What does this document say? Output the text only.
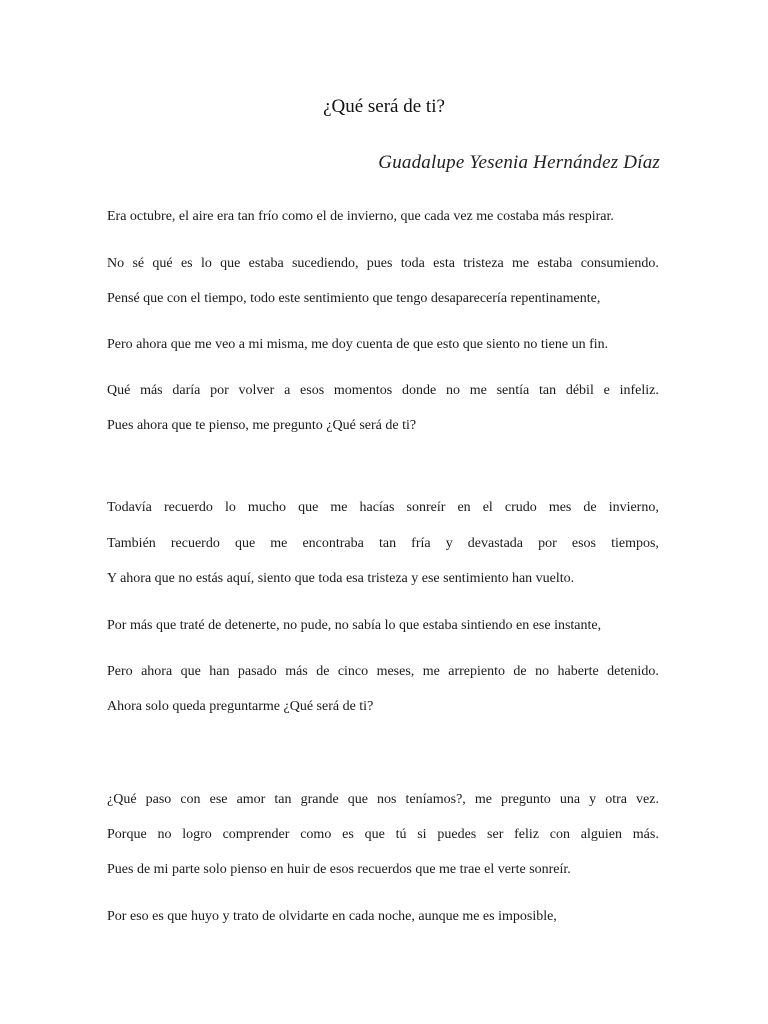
¿Qué será de ti?
Guadalupe Yesenia Hernández Díaz
Era octubre, el aire era tan frío como el de invierno, que cada vez me costaba más respirar.
No sé qué es lo que estaba sucediendo, pues toda esta tristeza me estaba consumiendo.
Pensé que con el tiempo, todo este sentimiento que tengo desaparecería repentinamente,
Pero ahora que me veo a mi misma, me doy cuenta de que esto que siento no tiene un fin.
Qué más daría por volver a esos momentos donde no me sentía tan débil e infeliz.
Pues ahora que te pienso, me pregunto ¿Qué será de ti?
Todavía recuerdo lo mucho que me hacías sonreír en el crudo mes de invierno,
También recuerdo que me encontraba tan fría y devastada por esos tiempos,
Y ahora que no estás aquí, siento que toda esa tristeza y ese sentimiento han vuelto.
Por más que traté de detenerte, no pude, no sabía lo que estaba sintiendo en ese instante,
Pero ahora que han pasado más de cinco meses, me arrepiento de no haberte detenido.
Ahora solo queda preguntarme ¿Qué será de ti?
¿Qué paso con ese amor tan grande que nos teníamos?, me pregunto una y otra vez.
Porque no logro comprender como es que tú si puedes ser feliz con alguien más.
Pues de mi parte solo pienso en huir de esos recuerdos que me trae el verte sonreír.
Por eso es que huyo y trato de olvidarte en cada noche, aunque me es imposible,
